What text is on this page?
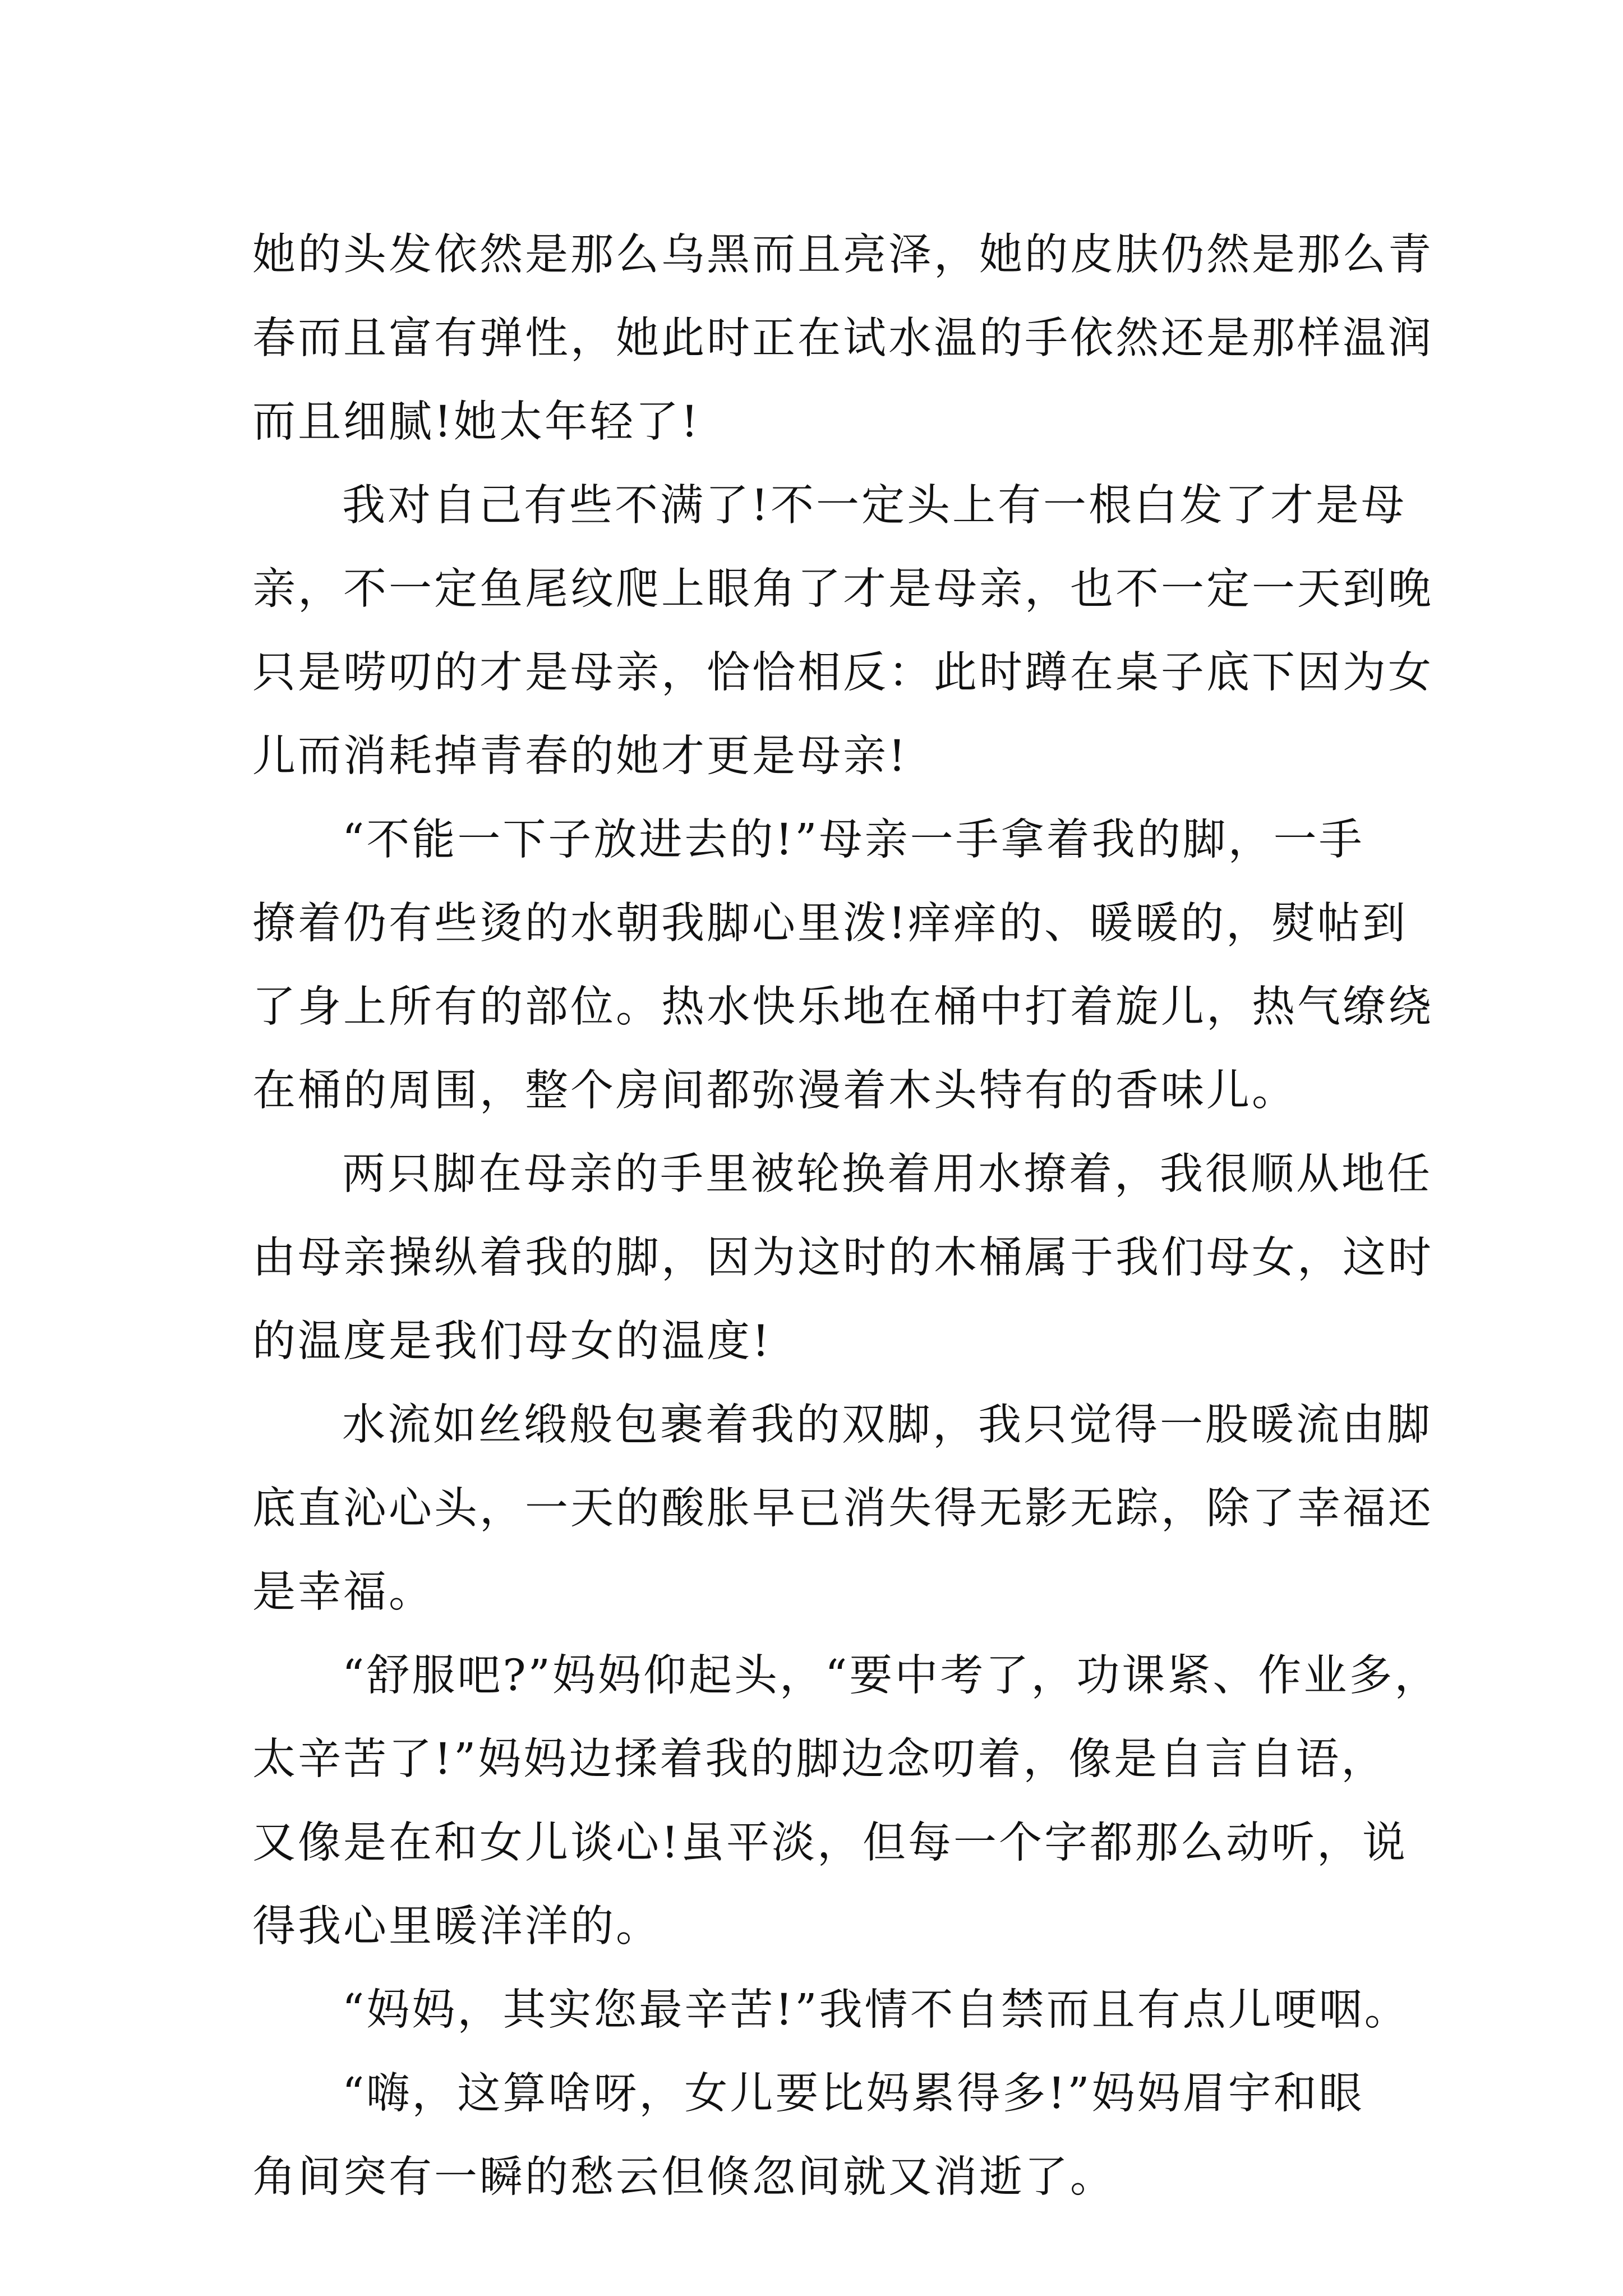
她的头发依然是那么乌黑而且亮泽，她的皮肤仍然是那么青
春而且富有弹性，她此时正在试水温的手依然还是那样温润
而且细腻!她太年轻了!

我对自己有些不满了!不一定头上有一根白发了才是母
亲，不一定鱼尾纹爬上眼角了才是母亲，也不一定一天到晚
只是唠叨的才是母亲，恰恰相反：此时蹲在桌子底下因为女
儿而消耗掉青春的她才更是母亲!

“不能一下子放进去的!”母亲一手拿着我的脚，一手
撩着仍有些烫的水朝我脚心里泼!痒痒的、暖暖的，熨帖到
了身上所有的部位。热水快乐地在桶中打着旋儿，热气缭绕
在桶的周围，整个房间都弥漫着木头特有的香味儿。

两只脚在母亲的手里被轮换着用水撩着，我很顺从地任
由母亲操纵着我的脚，因为这时的木桶属于我们母女，这时
的温度是我们母女的温度!

水流如丝缎般包裹着我的双脚，我只觉得一股暖流由脚
底直沁心头，一天的酸胀早已消失得无影无踪，除了幸福还
是幸福。

“舒服吧?”妈妈仰起头，“要中考了，功课紧、作业多，
太辛苦了!”妈妈边揉着我的脚边念叨着，像是自言自语，
又像是在和女儿谈心!虽平淡，但每一个字都那么动听，说
得我心里暖洋洋的。

“妈妈，其实您最辛苦!”我情不自禁而且有点儿哽咽。

“嗨，这算啥呀，女儿要比妈累得多!”妈妈眉宇和眼
角间突有一瞬的愁云但倏忽间就又消逝了。
